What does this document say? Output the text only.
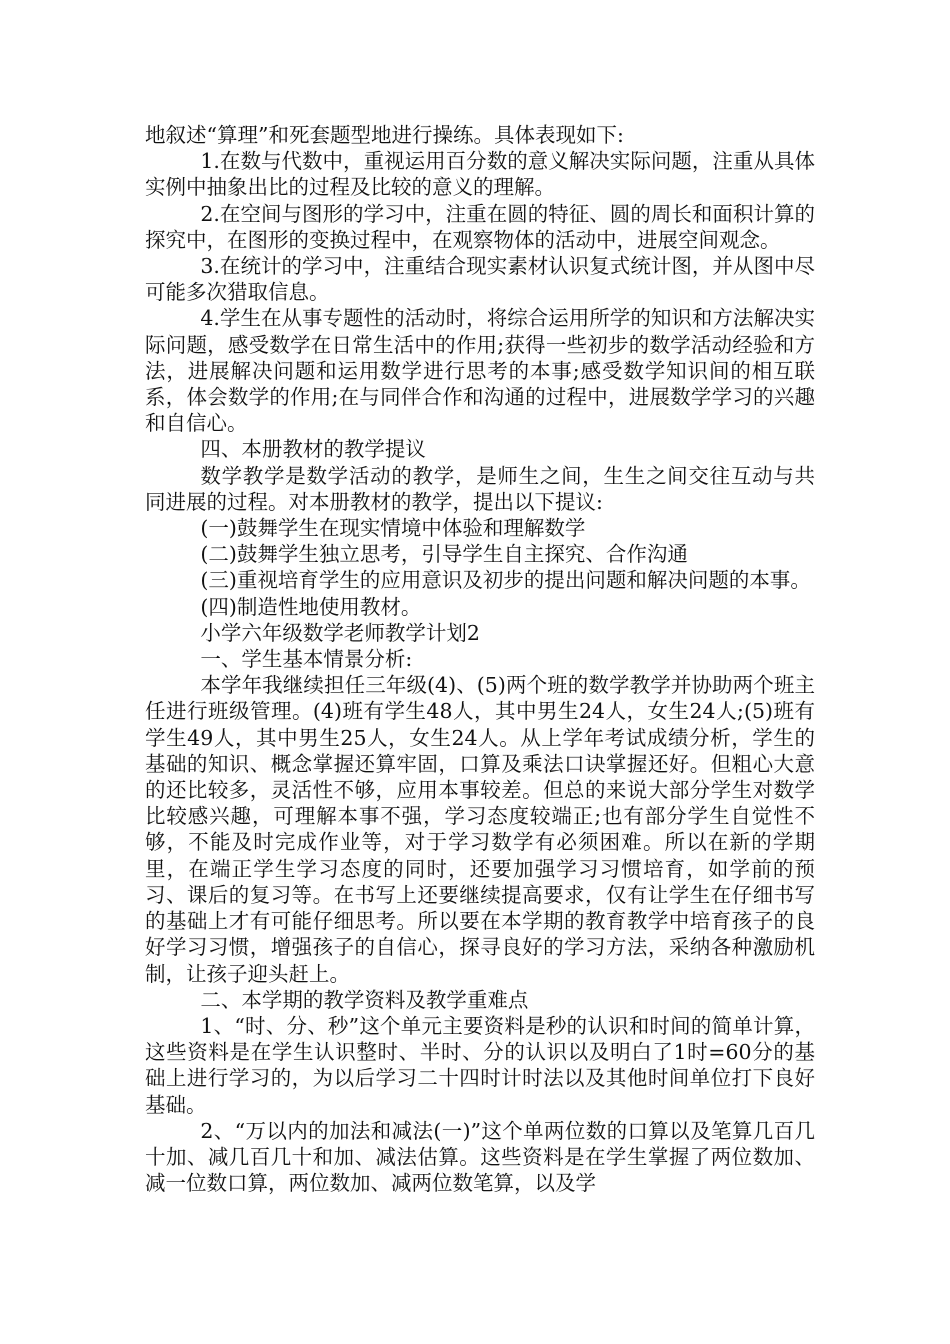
地叙述“算理”和死套题型地进行操练。具体表现如下:

1.在数与代数中，重视运用百分数的意义解决实际问题，注重从具体实例中抽象出比的过程及比较的意义的理解。

2.在空间与图形的学习中，注重在圆的特征、圆的周长和面积计算的探究中，在图形的变换过程中，在观察物体的活动中，进展空间观念。

3.在统计的学习中，注重结合现实素材认识复式统计图，并从图中尽可能多次猎取信息。

4.学生在从事专题性的活动时，将综合运用所学的知识和方法解决实际问题，感受数学在日常生活中的作用;获得一些初步的数学活动经验和方法，进展解决问题和运用数学进行思考的本事;感受数学知识间的相互联系，体会数学的作用;在与同伴合作和沟通的过程中，进展数学学习的兴趣和自信心。

四、本册教材的教学提议

数学教学是数学活动的教学，是师生之间，生生之间交往互动与共同进展的过程。对本册教材的教学，提出以下提议:

(一)鼓舞学生在现实情境中体验和理解数学

(二)鼓舞学生独立思考，引导学生自主探究、合作沟通

(三)重视培育学生的应用意识及初步的提出问题和解决问题的本事。

(四)制造性地使用教材。

小学六年级数学老师教学计划2

一、学生基本情景分析:

本学年我继续担任三年级(4)、(5)两个班的数学教学并协助两个班主任进行班级管理。(4)班有学生48人，其中男生24人，女生24人;(5)班有学生49人，其中男生25人，女生24人。从上学年考试成绩分析，学生的基础的知识、概念掌握还算牢固，口算及乘法口诀掌握还好。但粗心大意的还比较多，灵活性不够，应用本事较差。但总的来说大部分学生对数学比较感兴趣，可理解本事不强，学习态度较端正;也有部分学生自觉性不够，不能及时完成作业等，对于学习数学有必须困难。所以在新的学期里，在端正学生学习态度的同时，还要加强学习习惯培育，如学前的预习、课后的复习等。在书写上还要继续提高要求，仅有让学生在仔细书写的基础上才有可能仔细思考。所以要在本学期的教育教学中培育孩子的良好学习习惯，增强孩子的自信心，探寻良好的学习方法，采纳各种激励机制，让孩子迎头赶上。

二、本学期的教学资料及教学重难点

1、“时、分、秒”这个单元主要资料是秒的认识和时间的简单计算，这些资料是在学生认识整时、半时、分的认识以及明白了1时=60分的基础上进行学习的，为以后学习二十四时计时法以及其他时间单位打下良好基础。

2、“万以内的加法和减法(一)”这个单两位数的口算以及笔算几百几十加、减几百几十和加、减法估算。这些资料是在学生掌握了两位数加、减一位数口算，两位数加、减两位数笔算，以及学
